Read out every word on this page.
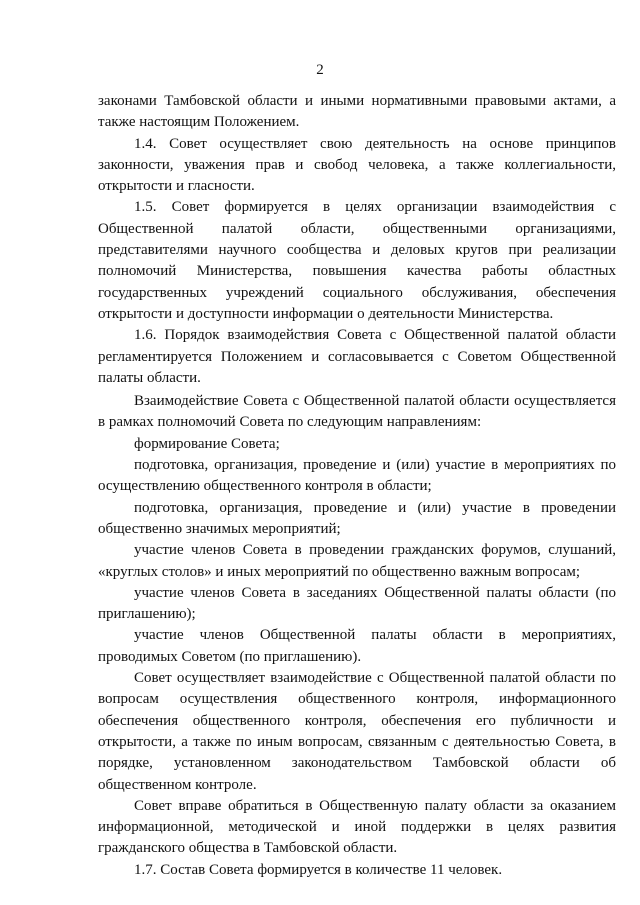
2

законами Тамбовской области и иными нормативными правовыми актами, а также настоящим Положением.

1.4. Совет осуществляет свою деятельность на основе принципов законности, уважения прав и свобод человека, а также коллегиальности, открытости и гласности.

1.5. Совет формируется в целях организации взаимодействия с Общественной палатой области, общественными организациями, представителями научного сообщества и деловых кругов при реализации полномочий Министерства, повышения качества работы областных государственных учреждений социального обслуживания, обеспечения открытости и доступности информации о деятельности Министерства.

1.6. Порядок взаимодействия Совета с Общественной палатой области регламентируется Положением и согласовывается с Советом Общественной палаты области.

Взаимодействие Совета с Общественной палатой области осуществляется в рамках полномочий Совета по следующим направлениям:

формирование Совета;

подготовка, организация, проведение и (или) участие в мероприятиях по осуществлению общественного контроля в области;

подготовка, организация, проведение и (или) участие в проведении общественно значимых мероприятий;

участие членов Совета в проведении гражданских форумов, слушаний, «круглых столов» и иных мероприятий по общественно важным вопросам;

участие членов Совета в заседаниях Общественной палаты области (по приглашению);

участие членов Общественной палаты области в мероприятиях, проводимых Советом (по приглашению).

Совет осуществляет взаимодействие с Общественной палатой области по вопросам осуществления общественного контроля, информационного обеспечения общественного контроля, обеспечения его публичности и открытости, а также по иным вопросам, связанным с деятельностью Совета, в порядке, установленном законодательством Тамбовской области об общественном контроле.

Совет вправе обратиться в Общественную палату области за оказанием информационной, методической и иной поддержки в целях развития гражданского общества в Тамбовской области.

1.7. Состав Совета формируется в количестве 11 человек.
